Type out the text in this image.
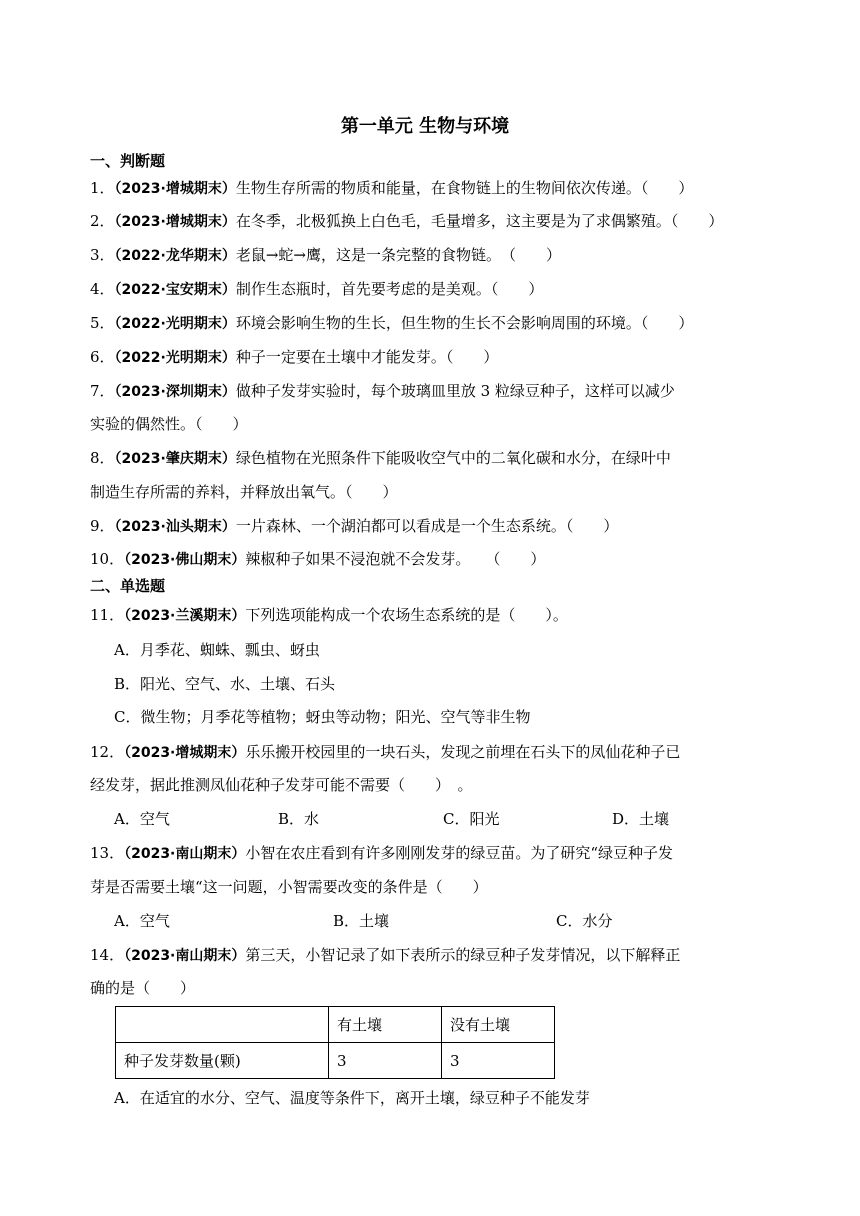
第一单元 生物与环境
一、判断题
1．（2023·增城期末）生物生存所需的物质和能量，在食物链上的生物间依次传递。（　　）
2．（2023·增城期末）在冬季，北极狐换上白色毛，毛量增多，这主要是为了求偶繁殖。（　　）
3．（2022·龙华期末）老鼠→蛇→鹰，这是一条完整的食物链。　（　　）
4．（2022·宝安期末）制作生态瓶时，首先要考虑的是美观。（　　）
5．（2022·光明期末）环境会影响生物的生长，但生物的生长不会影响周围的环境。（　　）
6．（2022·光明期末）种子一定要在土壤中才能发芽。（　　）
7．（2023·深圳期末）做种子发芽实验时，每个玻璃皿里放 3 粒绿豆种子，这样可以减少
实验的偶然性。（　　）
8．（2023·肇庆期末）绿色植物在光照条件下能吸收空气中的二氧化碳和水分，在绿叶中
制造生存所需的养料，并释放出氧气。（　　）
9．（2023·汕头期末）一片森林、一个湖泊都可以看成是一个生态系统。（　　）
10．（2023·佛山期末）辣椒种子如果不浸泡就不会发芽。　　（　　）
二、单选题
11．（2023·兰溪期末）下列选项能构成一个农场生态系统的是（　　）。
A．月季花、蜘蛛、瓢虫、蚜虫
B．阳光、空气、水、土壤、石头
C．微生物；月季花等植物；蚜虫等动物；阳光、空气等非生物
12．（2023·增城期末）乐乐搬开校园里的一块石头，发现之前埋在石头下的凤仙花种子已
经发芽，据此推测凤仙花种子发芽可能不需要（　　）　。
A．空气	B．水	C．阳光	D．土壤
13．（2023·南山期末）小智在农庄看到有许多刚刚发芽的绿豆苗。为了研究“绿豆种子发
芽是否需要土壤“这一问题，小智需要改变的条件是（　　）
A．空气	B．土壤	C．水分
14．（2023·南山期末）第三天，小智记录了如下表所示的绿豆种子发芽情况，以下解释正
确的是（　　）
	有土壤	没有土壤
种子发芽数量(颗)	3	3
A．在适宜的水分、空气、温度等条件下，离开土壤，绿豆种子不能发芽
